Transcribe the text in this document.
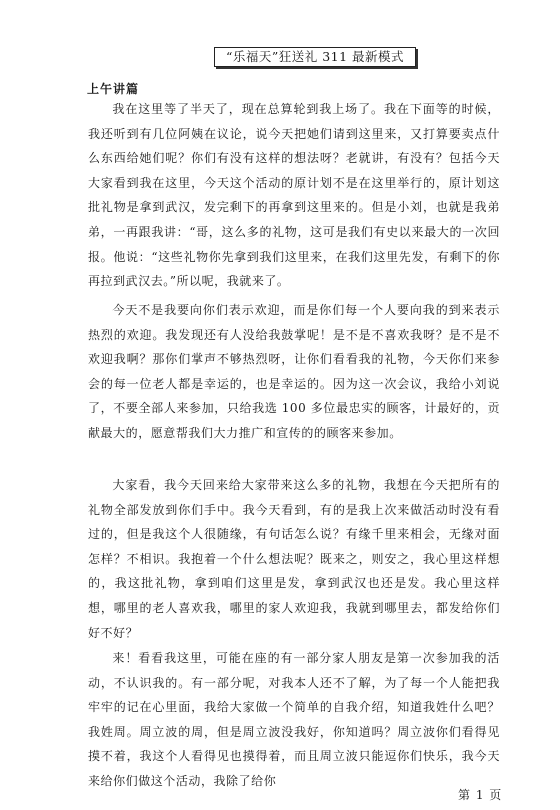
“乐福天”狂送礼 311 最新模式
上午讲篇

我在这里等了半天了，现在总算轮到我上场了。我在下面等的时候，我还听到有几位阿姨在议论，说今天把她们请到这里来，又打算要卖点什么东西给她们呢？你们有没有这样的想法呀？老就讲，有没有？包括今天大家看到我在这里，今天这个活动的原计划不是在这里举行的，原计划这批礼物是拿到武汉，发完剩下的再拿到这里来的。但是小刘，也就是我弟弟，一再跟我讲：“哥，这么多的礼物，这可是我们有史以来最大的一次回报。他说：“这些礼物你先拿到我们这里来，在我们这里先发，有剩下的你再拉到武汉去。”所以呢，我就来了。

今天不是我要向你们表示欢迎，而是你们每一个人要向我的到来表示热烈的欢迎。我发现还有人没给我鼓掌呢！是不是不喜欢我呀？是不是不欢迎我啊？那你们掌声不够热烈呀，让你们看看我的礼物，今天你们来参会的每一位老人都是幸运的，也是幸运的。因为这一次会议，我给小刘说了，不要全部人来参加，只给我选 100 多位最忠实的顾客，计最好的，贡献最大的，愿意帮我们大力推广和宣传的的顾客来参加。

大家看，我今天回来给大家带来这么多的礼物，我想在今天把所有的礼物全部发放到你们手中。我今天看到，有的是我上次来做活动时没有看过的，但是我这个人很随缘，有句话怎么说？有缘千里来相会，无缘对面怎样？不相识。我抱着一个什么想法呢？既来之，则安之，我心里这样想的，我这批礼物，拿到咱们这里是发，拿到武汉也还是发。我心里这样想，哪里的老人喜欢我，哪里的家人欢迎我，我就到哪里去，都发给你们好不好？

来！看看我这里，可能在座的有一部分家人朋友是第一次参加我的活动，不认识我的。有一部分呢，对我本人还不了解，为了每一个人能把我牢牢的记在心里面，我给大家做一个简单的自我介绍，知道我姓什么吧？我姓周。周立波的周，但是周立波没我好，你知道吗？周立波你们看得见摸不着，我这个人看得见也摸得着，而且周立波只能逗你们快乐，我今天来给你们做这个活动，我除了给你

第 1 页
